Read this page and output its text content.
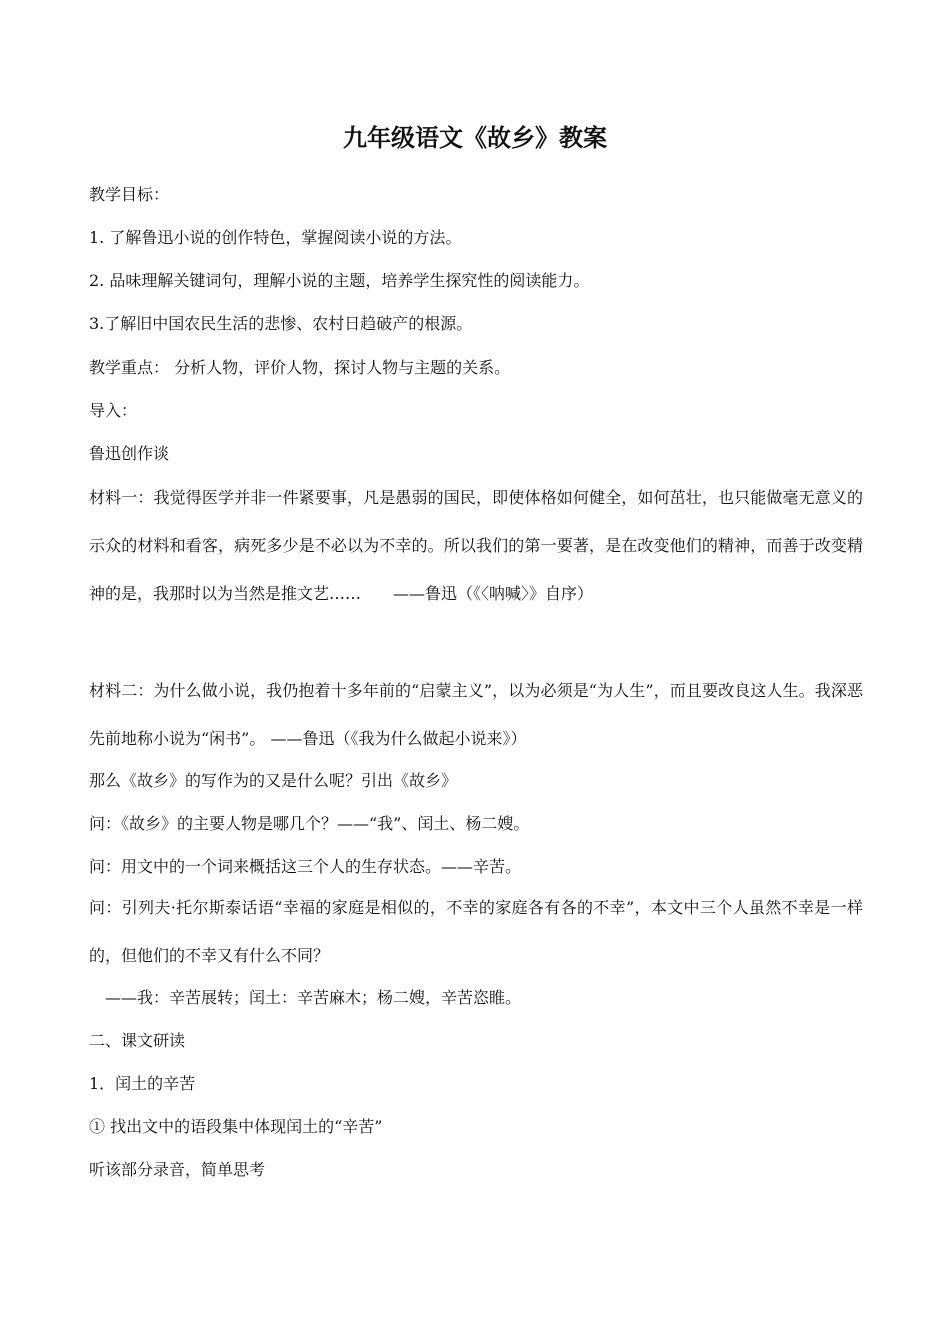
九年级语文《故乡》教案

教学目标：

1. 了解鲁迅小说的创作特色，掌握阅读小说的方法。

2. 品味理解关键词句，理解小说的主题，培养学生探究性的阅读能力。

3.了解旧中国农民生活的悲惨、农村日趋破产的根源。

教学重点： 分析人物，评价人物，探讨人物与主题的关系。

导入：

鲁迅创作谈

材料一：我觉得医学并非一件紧要事，凡是愚弱的国民，即使体格如何健全，如何茁壮，也只能做毫无意义的示众的材料和看客，病死多少是不必以为不幸的。所以我们的第一要著，是在改变他们的精神，而善于改变精神的是，我那时以为当然是推文艺……　　——鲁迅（《〈呐喊〉》自序）

材料二：为什么做小说，我仍抱着十多年前的“启蒙主义”，以为必须是“为人生”，而且要改良这人生。我深恶先前地称小说为“闲书”。 ——鲁迅（《我为什么做起小说来》）

那么《故乡》的写作为的又是什么呢？引出《故乡》

问：《故乡》的主要人物是哪几个？——“我”、闰土、杨二嫂。

问：用文中的一个词来概括这三个人的生存状态。——辛苦。

问：引列夫·托尔斯泰话语“幸福的家庭是相似的，不幸的家庭各有各的不幸”，本文中三个人虽然不幸是一样的，但他们的不幸又有什么不同？

——我：辛苦展转；闰土：辛苦麻木；杨二嫂，辛苦恣睢。

二、课文研读

1．闰土的辛苦

① 找出文中的语段集中体现闰土的“辛苦”

听该部分录音，简单思考
